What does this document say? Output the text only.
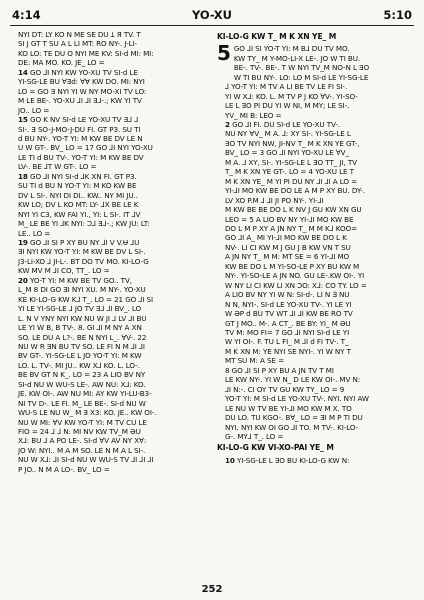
4:14	YO-XU	5:10
NYI DT: LY KO N ME SE DU Ʇ Я TV. T
SI J GT T SU A L LI MT: RO NY-. J-LI-
KO LO: TE DU O NYI ME KV: SI-d MI: MI:
DE: MA MO. KO. JE_ LO =
14 GO ⅃I NYI KW YO-XU TV SI-d LE
YI-SG-LE BU ∀Ǝd: ∀Ɐ KW DO. MI: NYI
LO = GO Ǝ NYI YI W NY MO-XI TV LO:
M LE BE-. YO-XU ⅃I ⅃I Ǝ⅃-.; KW YI TV
JO.. LO =
15 GO K NV SI-d LE YO-XU TV Ǝ⅃ ⅃
SI-. Ǝ SO-J-MO-J-DU FI. GT P3. SU TI
d BU NY-. YO-T YI: M KW BE DV LE N
U W GT-. BV_ LO = 17 GO ⅃I NYI YO-XU
LE TI d BU TV-. YO-T YI: M KW BE DV
LV-. BE ⅃T W GT-. LO =
18 GO ⅃I NYI SI-d ⅃K XN FI. GT P3.
SU TI d BU N YO-T YI: M KO KW BE
DV L SI-. NYI DI DI.. KW.. NY MI JU..
KW LO; DV L KO MT: LY- ⅃X BE LE K
NYI YI C3, KW FAI YI., YI: L SI-. IT ⅃V
M_ LE BE YI ⅃K NYI: Ɔ⅃ Ǝ⅃-.; KW JU: LT:
LE.. LO =
19 GO ⅃I SI P XY BU NY ⅃I V V.Ʉ ⅃U
ƎI NYI KW YO-T YI: M KW BE DV L SI-.
J3-LI-XO ⅃ JI-L-. BT DO TV MO. KI-LO-G
KW MV M ⅃I CO, TT_. LO =
20 YO-T YI: M KW BE TV GO.. TV,
L_M 8 DI GO ƎI NYI XU. M NY-. YO-XU
KE KI-LO-G KW K⅃ T_. LO = 21 GO ⅃I SI
YI LE YI-SG-LE ⅃ JO TV Ǝ⅃ ⅃I BV_. LO
L. N V YNY NYI KW NU W JI ⅃ LV ⅃I BU
LE YI W B, B TV-. 8. GI ⅃I M NY A XN
SO. LE DU A L?-. BE N NYI L_. ∀V-. 22
NU W R ƎN BU TV SO. LE FI N M ⅃I ⅃I
BV GT-. YI-SG-LE L JO YO-T YI: M KW
LO. L. TV-. MI JU.. KW X⅃ KO. L. LO-.
BE BV GT N K_. LO = 23 A LIO BV NY
SI-d NU W WU-S LE-. AW NU: X⅃: KO.
JE. KW OI-. AW NU MI: AY KW YI-LU-B3-
NI TV D-. LE FI. M_ LE BE-. SI-d NU W
WU-S LE NU W_ M Ǝ X3: KO. JE.. KW OI-.
NU W MI: ∀V KW YO-T YI: M TV CU LE
FIO = 24 ⅃ ⅃ N: MI NV KW TV_M ƏU
X⅃: BU ⅃ A PO LE-. SI-d ∀V AV NY X∀:
JO W: NYI.. M A M SO. LE N M A L SI-.
NU W X⅃: ⅃I SI-d NU W WU-S TV ⅃I ⅃I ⅃I
P JO.. N M A LO-. BV_ LO =
KI-LO-G KW T_ M K XN YE_ M
5 GO ⅃I SI YO-T YI: M B⅃ DU TV MO.
KW TY_ M Y-MO-LI-X LE-. JO W TI BU.
BE-. TV-. BE-. T W NYI TV_M NO-N L ƎO
W TI BU NY-. LO: LO M SI-d LE YI-SG-LE
⅃ YO-T YI: M TV A LI BE TV LE FI SI-.
YI W X⅃: KO. L. M TV P J KO ∀V-. YI-SO-
LE L ƎO PI DU YI W NI, M MY; LE SI-.
YV_ MI B: LEO =
2 GO ⅃I FI. DU SI-d LE YO-XU TV-.
NU NY ∀V_ M A. ⅃: XY SI-. YI-SG-LE L
ƎO TV NYI NW, JI-NV T_ M K XN YE GT-,
BV_ LO = 3 GO ⅃I NYI YO-XU LE ∀V_
M A. ⅃ XY, SI-. YI-SG-LE L ƎO TT_ JI, TV
T_ M K XN YE GT-. LO = 4 YO-XU LE T
M K XN YE_ M YI PI DU NY ⅃I ⅃I A LO =
YI-⅃I MO KW BE DO LE A M P XY BU. DY-.
LV XO P.M ⅃ ⅃I JI PO NY-. YI-⅃I
M KW BE BE DO L K NV J GU KW XN GU
LEO = 5 A LIO BV NY YI-⅃I MO KW BE
DO L M P XY A JN NY T_ M M K⅃ KOO=
GO ⅃I A_ MI YI-⅃I MO KW BE DO L K
NV-. LI CI KW M J GU J B KW VN T SU
A JN NY T_ M M: MT SE = 6 YI-⅃I MO
KW BE DO L M YI-SO-LE P XY BU KW M
NY-. YI-SO-LE A JN NO. GU LE-.KW OI-. YI
W NY LI CI KW LI XN ƆO: X⅃: CO TY. LO =
A LIO BV NY YI W N: SI-d-. LI N ∃ NU
N N, NYI-. SI-d LE YO-XU TV-. YI LE YI
W ƏP d BU TV WT ⅃I ⅃I KW BE RO TV
GT J MO.. M-. A CT_. BE BY: YI_ M ƏU
TV M: MO FI= 7 GO ⅃I NYI SI-d LE YI
W YI OI-. F. TU L FI_ M ⅃I d FI TV-. T_
M K XN M: YE NYI SE NYI-. YI W NY T
MT SU M: A SE =
8 GO ⅃I SI P XY BU A JN TV T MI
LE KW NY-. YI W N_ D LE KW OI-. MV N:
⅃I N:-. CI OY TV GU KW TY_ LO = 9
YO-T YI: M SI-d LE YO-XU TV-. NYI. NYI AW
LE NU W TV BE YI-⅃I MO KW M X. TO
DU LO. TU KGO-. B∀_ LO = ƎI M P TI DU
NYI. NYI KW OI GO ⅃I TO. M TV-. KI-LO-
G-. MY⅃ T_. LO =
KI-LO-G KW VI-XO-PAI YE_ M
10 YI-SG-LE L ƎO BU KI-LO-G KW N:
252
